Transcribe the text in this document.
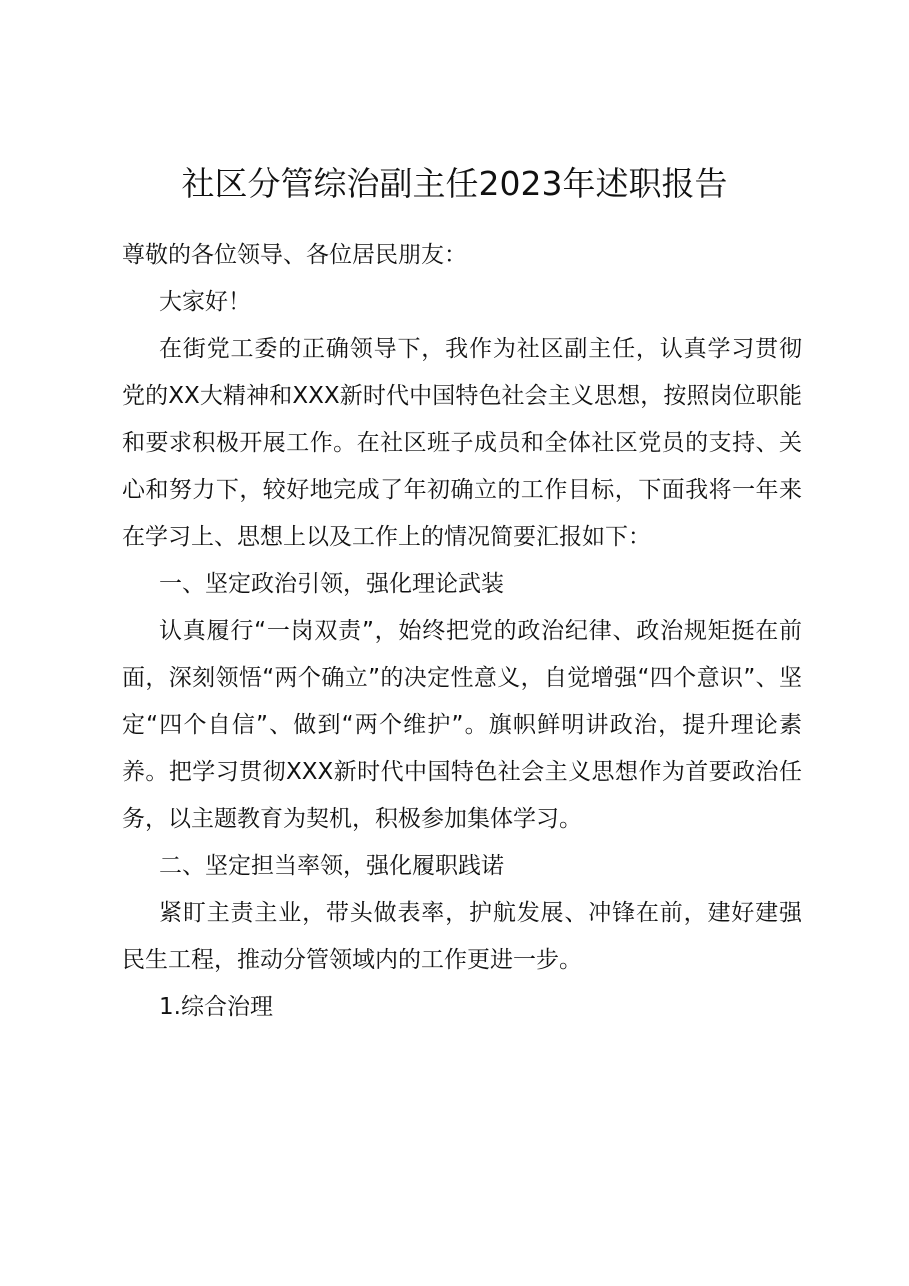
社区分管综治副主任2023年述职报告

尊敬的各位领导、各位居民朋友：

大家好！

在街党工委的正确领导下，我作为社区副主任，认真学习贯彻党的XX大精神和XXX新时代中国特色社会主义思想，按照岗位职能和要求积极开展工作。在社区班子成员和全体社区党员的支持、关心和努力下，较好地完成了年初确立的工作目标，下面我将一年来在学习上、思想上以及工作上的情况简要汇报如下：

一、坚定政治引领，强化理论武装

认真履行“一岗双责”，始终把党的政治纪律、政治规矩挺在前面，深刻领悟“两个确立”的决定性意义，自觉增强“四个意识”、坚定“四个自信”、做到“两个维护”。旗帜鲜明讲政治，提升理论素养。把学习贯彻XXX新时代中国特色社会主义思想作为首要政治任务，以主题教育为契机，积极参加集体学习。

二、坚定担当率领，强化履职践诺

紧盯主责主业，带头做表率，护航发展、冲锋在前，建好建强民生工程，推动分管领域内的工作更进一步。

1.综合治理
